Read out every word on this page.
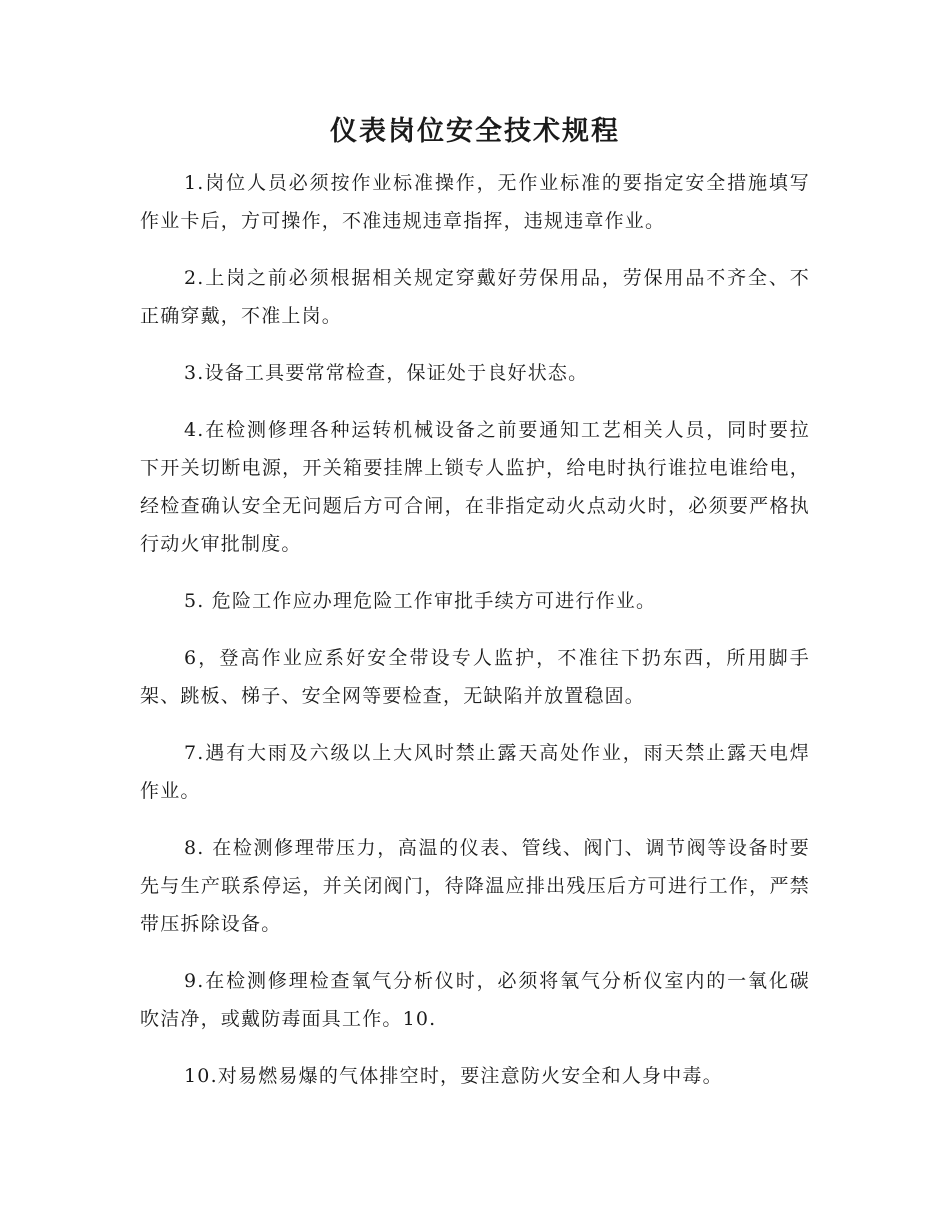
仪表岗位安全技术规程

1.岗位人员必须按作业标准操作，无作业标准的要指定安全措施填写作业卡后，方可操作，不准违规违章指挥，违规违章作业。

2.上岗之前必须根据相关规定穿戴好劳保用品，劳保用品不齐全、不正确穿戴，不准上岗。

3.设备工具要常常检查，保证处于良好状态。

4.在检测修理各种运转机械设备之前要通知工艺相关人员，同时要拉下开关切断电源，开关箱要挂牌上锁专人监护，给电时执行谁拉电谁给电，经检查确认安全无问题后方可合闸，在非指定动火点动火时，必须要严格执行动火审批制度。

5. 危险工作应办理危险工作审批手续方可进行作业。

6，登高作业应系好安全带设专人监护，不准往下扔东西，所用脚手架、跳板、梯子、安全网等要检查，无缺陷并放置稳固。

7.遇有大雨及六级以上大风时禁止露天高处作业，雨天禁止露天电焊作业。

8. 在检测修理带压力，高温的仪表、管线、阀门、调节阀等设备时要先与生产联系停运，并关闭阀门，待降温应排出残压后方可进行工作，严禁带压拆除设备。

9.在检测修理检查氧气分析仪时，必须将氧气分析仪室内的一氧化碳吹洁净，或戴防毒面具工作。10.

10.对易燃易爆的气体排空时，要注意防火安全和人身中毒。
